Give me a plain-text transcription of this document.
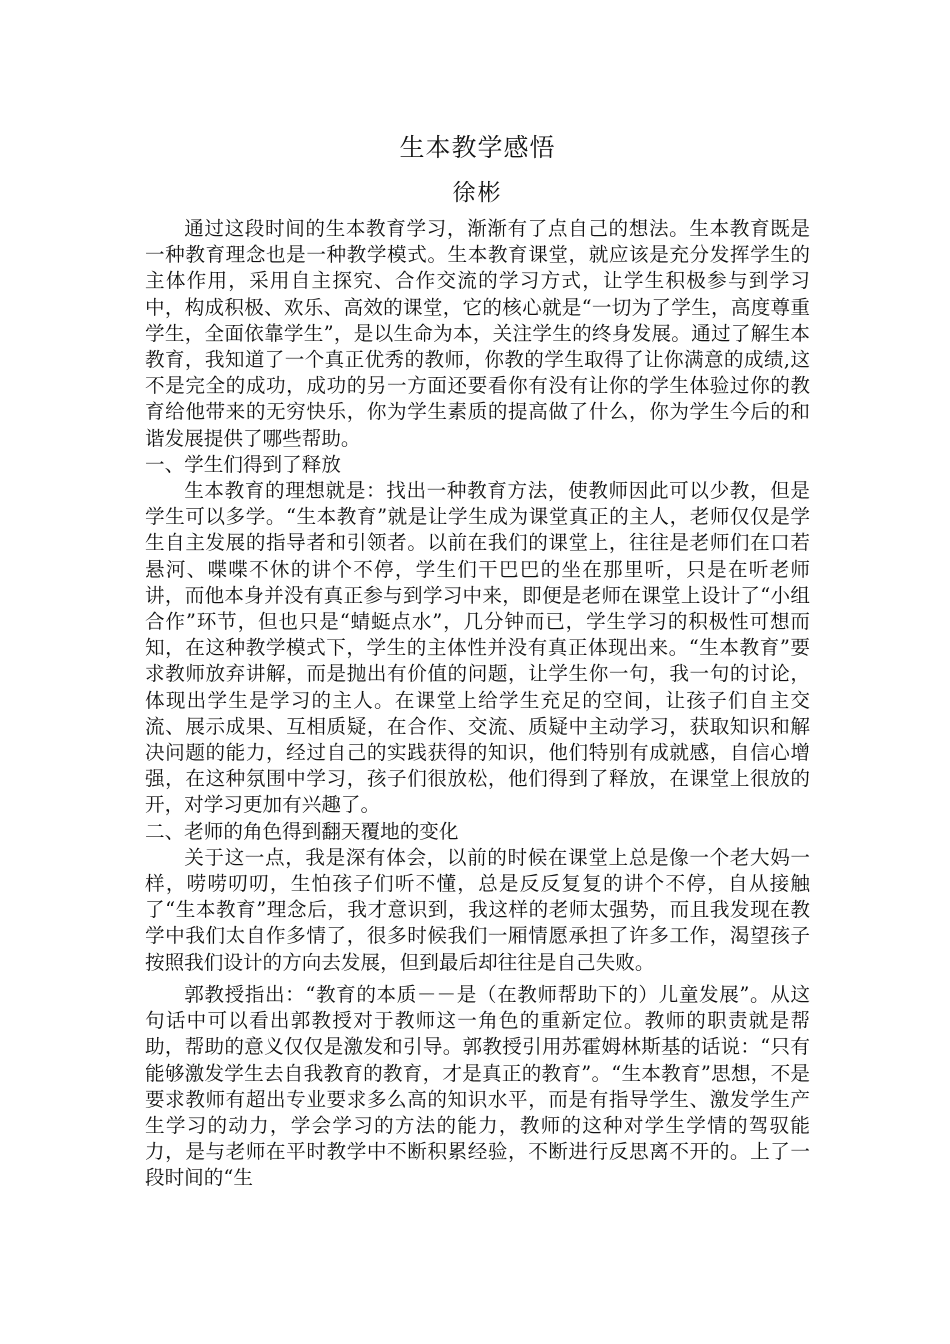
生本教学感悟
徐彬

通过这段时间的生本教育学习，渐渐有了点自己的想法。生本教育既是一种教育理念也是一种教学模式。生本教育课堂，就应该是充分发挥学生的主体作用，采用自主探究、合作交流的学习方式，让学生积极参与到学习中，构成积极、欢乐、高效的课堂，它的核心就是“一切为了学生，高度尊重学生，全面依靠学生”，是以生命为本，关注学生的终身发展。通过了解生本教育，我知道了一个真正优秀的教师，你教的学生取得了让你满意的成绩,这不是完全的成功，成功的另一方面还要看你有没有让你的学生体验过你的教育给他带来的无穷快乐，你为学生素质的提高做了什么，你为学生今后的和谐发展提供了哪些帮助。

一、学生们得到了释放

生本教育的理想就是：找出一种教育方法，使教师因此可以少教，但是学生可以多学。“生本教育”就是让学生成为课堂真正的主人，老师仅仅是学生自主发展的指导者和引领者。以前在我们的课堂上，往往是老师们在口若悬河、喋喋不休的讲个不停，学生们干巴巴的坐在那里听，只是在听老师讲，而他本身并没有真正参与到学习中来，即便是老师在课堂上设计了“小组合作”环节，但也只是“蜻蜓点水”，几分钟而已，学生学习的积极性可想而知，在这种教学模式下，学生的主体性并没有真正体现出来。“生本教育”要求教师放弃讲解，而是抛出有价值的问题，让学生你一句，我一句的讨论，体现出学生是学习的主人。在课堂上给学生充足的空间，让孩子们自主交流、展示成果、互相质疑，在合作、交流、质疑中主动学习，获取知识和解决问题的能力，经过自己的实践获得的知识，他们特别有成就感，自信心增强，在这种氛围中学习，孩子们很放松，他们得到了释放，在课堂上很放的开，对学习更加有兴趣了。

二、老师的角色得到翻天覆地的变化

关于这一点，我是深有体会，以前的时候在课堂上总是像一个老大妈一样，唠唠叨叨，生怕孩子们听不懂，总是反反复复的讲个不停，自从接触了“生本教育”理念后，我才意识到，我这样的老师太强势，而且我发现在教学中我们太自作多情了，很多时候我们一厢情愿承担了许多工作，渴望孩子按照我们设计的方向去发展，但到最后却往往是自己失败。

郭教授指出：“教育的本质－－是（在教师帮助下的）儿童发展”。从这句话中可以看出郭教授对于教师这一角色的重新定位。教师的职责就是帮助，帮助的意义仅仅是激发和引导。郭教授引用苏霍姆林斯基的话说：“只有能够激发学生去自我教育的教育，才是真正的教育”。“生本教育”思想，不是要求教师有超出专业要求多么高的知识水平，而是有指导学生、激发学生产生学习的动力，学会学习的方法的能力，教师的这种对学生学情的驾驭能力，是与老师在平时教学中不断积累经验，不断进行反思离不开的。上了一段时间的“生
